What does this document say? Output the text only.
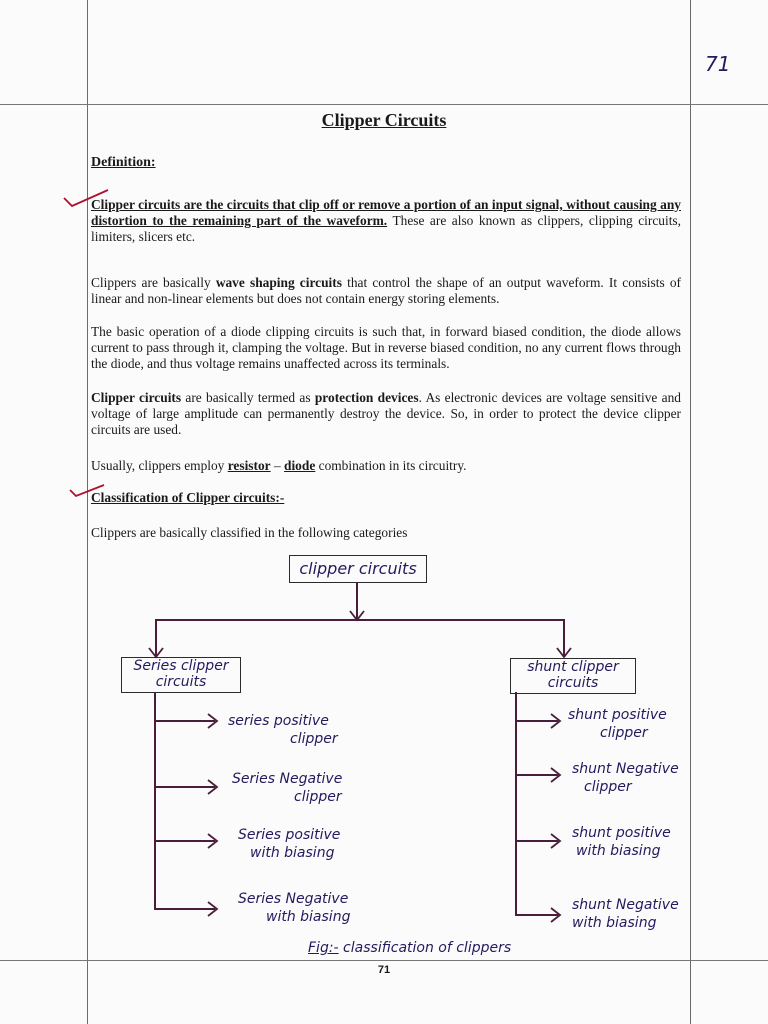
71
Clipper Circuits
Definition:
Clipper circuits are the circuits that clip off or remove a portion of an input signal, without causing any distortion to the remaining part of the waveform. These are also known as clippers, clipping circuits, limiters, slicers etc.
Clippers are basically wave shaping circuits that control the shape of an output waveform. It consists of linear and non-linear elements but does not contain energy storing elements.
The basic operation of a diode clipping circuits is such that, in forward biased condition, the diode allows current to pass through it, clamping the voltage. But in reverse biased condition, no any current flows through the diode, and thus voltage remains unaffected across its terminals.
Clipper circuits are basically termed as protection devices. As electronic devices are voltage sensitive and voltage of large amplitude can permanently destroy the device. So, in order to protect the device clipper circuits are used.
Usually, clippers employ resistor – diode combination in its circuitry.
Classification of Clipper circuits:-
Clippers are basically classified in the following categories
clipper circuits
Series clipper
circuits
shunt clipper
circuits
series positive
clipper
Series Negative
clipper
Series positive
with biasing
Series Negative
with biasing
shunt positive
clipper
shunt Negative
clipper
shunt positive
with biasing
shunt Negative
with biasing
Fig:- classification of clippers
71
